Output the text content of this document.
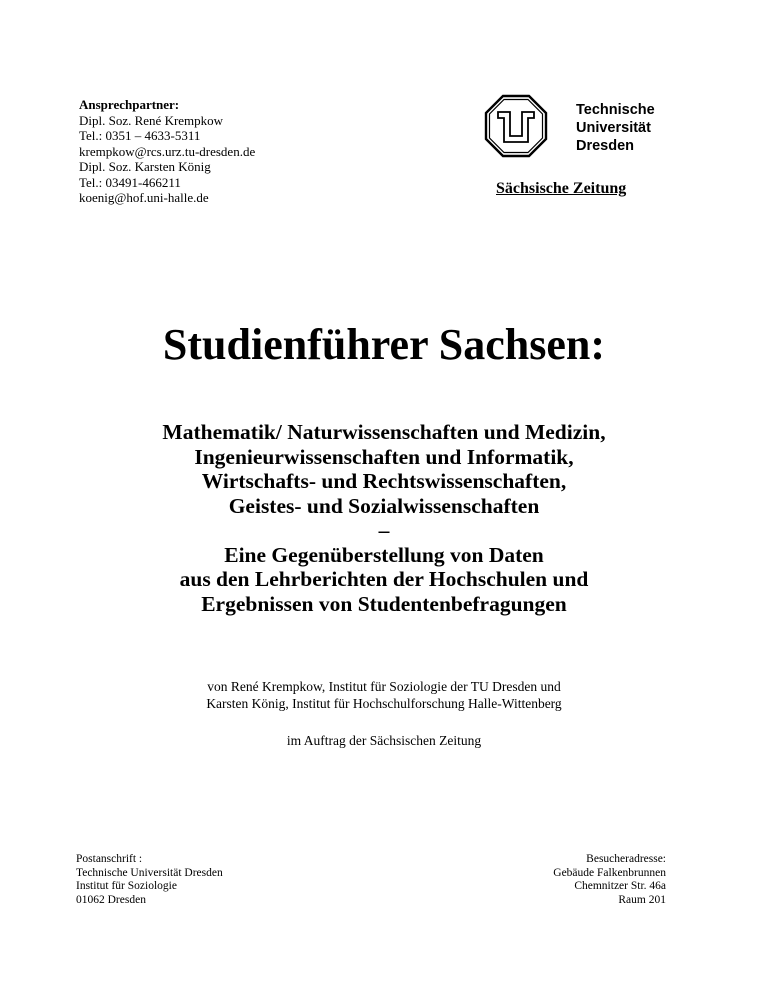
Ansprechpartner:
Dipl. Soz. René Krempkow
Tel.: 0351 – 4633-5311
krempkow@rcs.urz.tu-dresden.de
Dipl. Soz. Karsten König
Tel.: 03491-466211
koenig@hof.uni-halle.de
Technische
Universität
Dresden
Sächsische Zeitung
Studienführer Sachsen:
Mathematik/ Naturwissenschaften und Medizin,
Ingenieurwissenschaften und Informatik,
Wirtschafts- und Rechtswissenschaften,
Geistes- und Sozialwissenschaften
–
Eine Gegenüberstellung von Daten
aus den Lehrberichten der Hochschulen und
Ergebnissen von Studentenbefragungen
von René Krempkow, Institut für Soziologie der TU Dresden und
Karsten König, Institut für Hochschulforschung Halle-Wittenberg
im Auftrag der Sächsischen Zeitung
Postanschrift :
Technische Universität Dresden
Institut für Soziologie
01062 Dresden
Besucheradresse:
Gebäude Falkenbrunnen
Chemnitzer Str. 46a
Raum 201
